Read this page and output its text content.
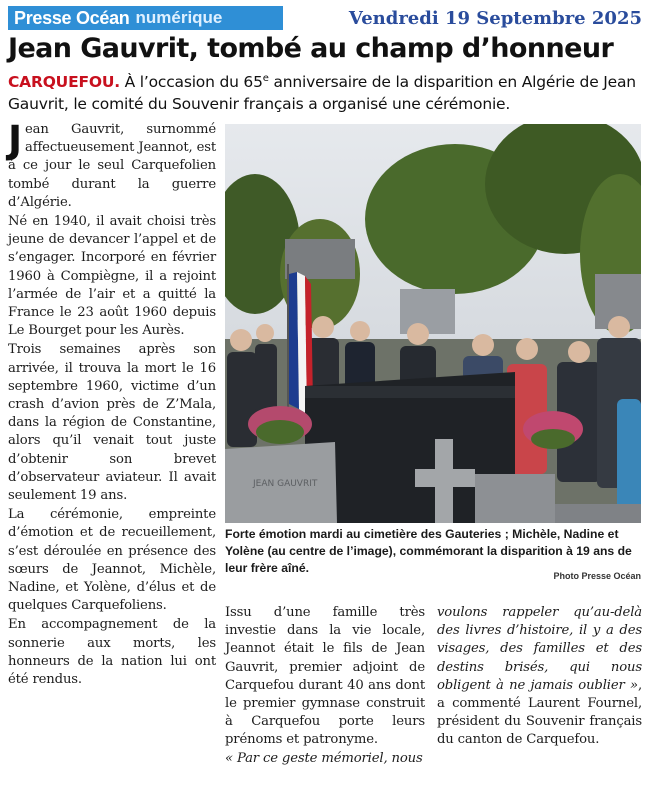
Presse Océan numérique	Vendredi 19 Septembre 2025
Jean Gauvrit, tombé au champ d’honneur
CARQUEFOU. À l’occasion du 65e anniversaire de la disparition en Algérie de Jean Gauvrit, le comité du Souvenir français a organisé une cérémonie.

Jean Gauvrit, surnommé affectueusement Jeannot, est à ce jour le seul Carquefolien tombé durant la guerre d’Algérie.

Né en 1940, il avait choisi très jeune de devancer l’appel et de s’engager. Incorporé en février 1960 à Compiègne, il a rejoint l’armée de l’air et a quitté la France le 23 août 1960 depuis Le Bourget pour les Aurès.

Trois semaines après son arrivée, il trouva la mort le 16 septembre 1960, victime d’un crash d’avion près de Z’Mala, dans la région de Constantine, alors qu’il venait tout juste d’obtenir son brevet d’observateur aviateur. Il avait seulement 19 ans.

La cérémonie, empreinte d’émotion et de recueillement, s’est déroulée en présence des sœurs de Jeannot, Michèle, Nadine, et Yolène, d’élus et de quelques Carquefoliens.

En accompagnement de la sonnerie aux morts, les honneurs de la nation lui ont été rendus.

JEAN GAUVRIT
Forte émotion mardi au cimetière des Gauteries ; Michèle, Nadine et Yolène (au centre de l’image), commémorant la disparition à 19 ans de leur frère aîné.
Photo Presse Océan

Issu d’une famille très investie dans la vie locale, Jeannot était le fils de Jean Gauvrit, premier adjoint de Carquefou durant 40 ans dont le premier gymnase construit à Carquefou porte leurs prénoms et patronyme.

« Par ce geste mémoriel, nous

voulons rappeler qu’au-delà des livres d’histoire, il y a des visages, des familles et des destins brisés, qui nous obligent à ne jamais oublier », a commenté Laurent Fournel, président du Souvenir français du canton de Carquefou.
